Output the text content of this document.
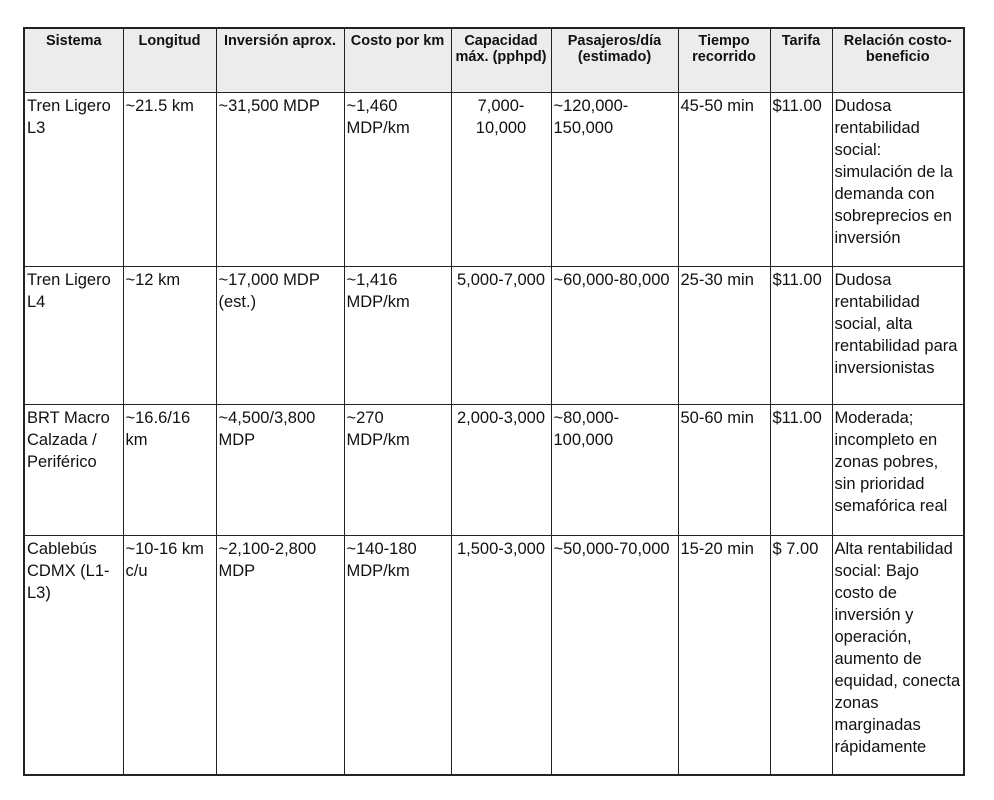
Sistema	Longitud	Inversión aprox.	Costo por km	Capacidad máx. (pphpd)	Pasajeros/día (estimado)	Tiempo recorrido	Tarifa	Relación costo-beneficio
Tren Ligero L3	~21.5 km	~31,500 MDP	~1,460 MDP/km	7,000-10,000	~120,000-150,000	45-50 min	$11.00	Dudosa rentabilidad social: simulación de la demanda con sobreprecios en inversión
Tren Ligero L4	~12 km	~17,000 MDP (est.)	~1,416 MDP/km	5,000-7,000	~60,000-80,000	25-30 min	$11.00	Dudosa rentabilidad social, alta rentabilidad para inversionistas
BRT Macro Calzada / Periférico	~16.6/16 km	~4,500/3,800 MDP	~270 MDP/km	2,000-3,000	~80,000-100,000	50-60 min	$11.00	Moderada; incompleto en zonas pobres, sin prioridad semafórica real
Cablebús CDMX (L1-L3)	~10-16 km c/u	~2,100-2,800 MDP	~140-180 MDP/km	1,500-3,000	~50,000-70,000	15-20 min	$ 7.00	Alta rentabilidad social: Bajo costo de inversión y operación, aumento de equidad, conecta zonas marginadas rápidamente
